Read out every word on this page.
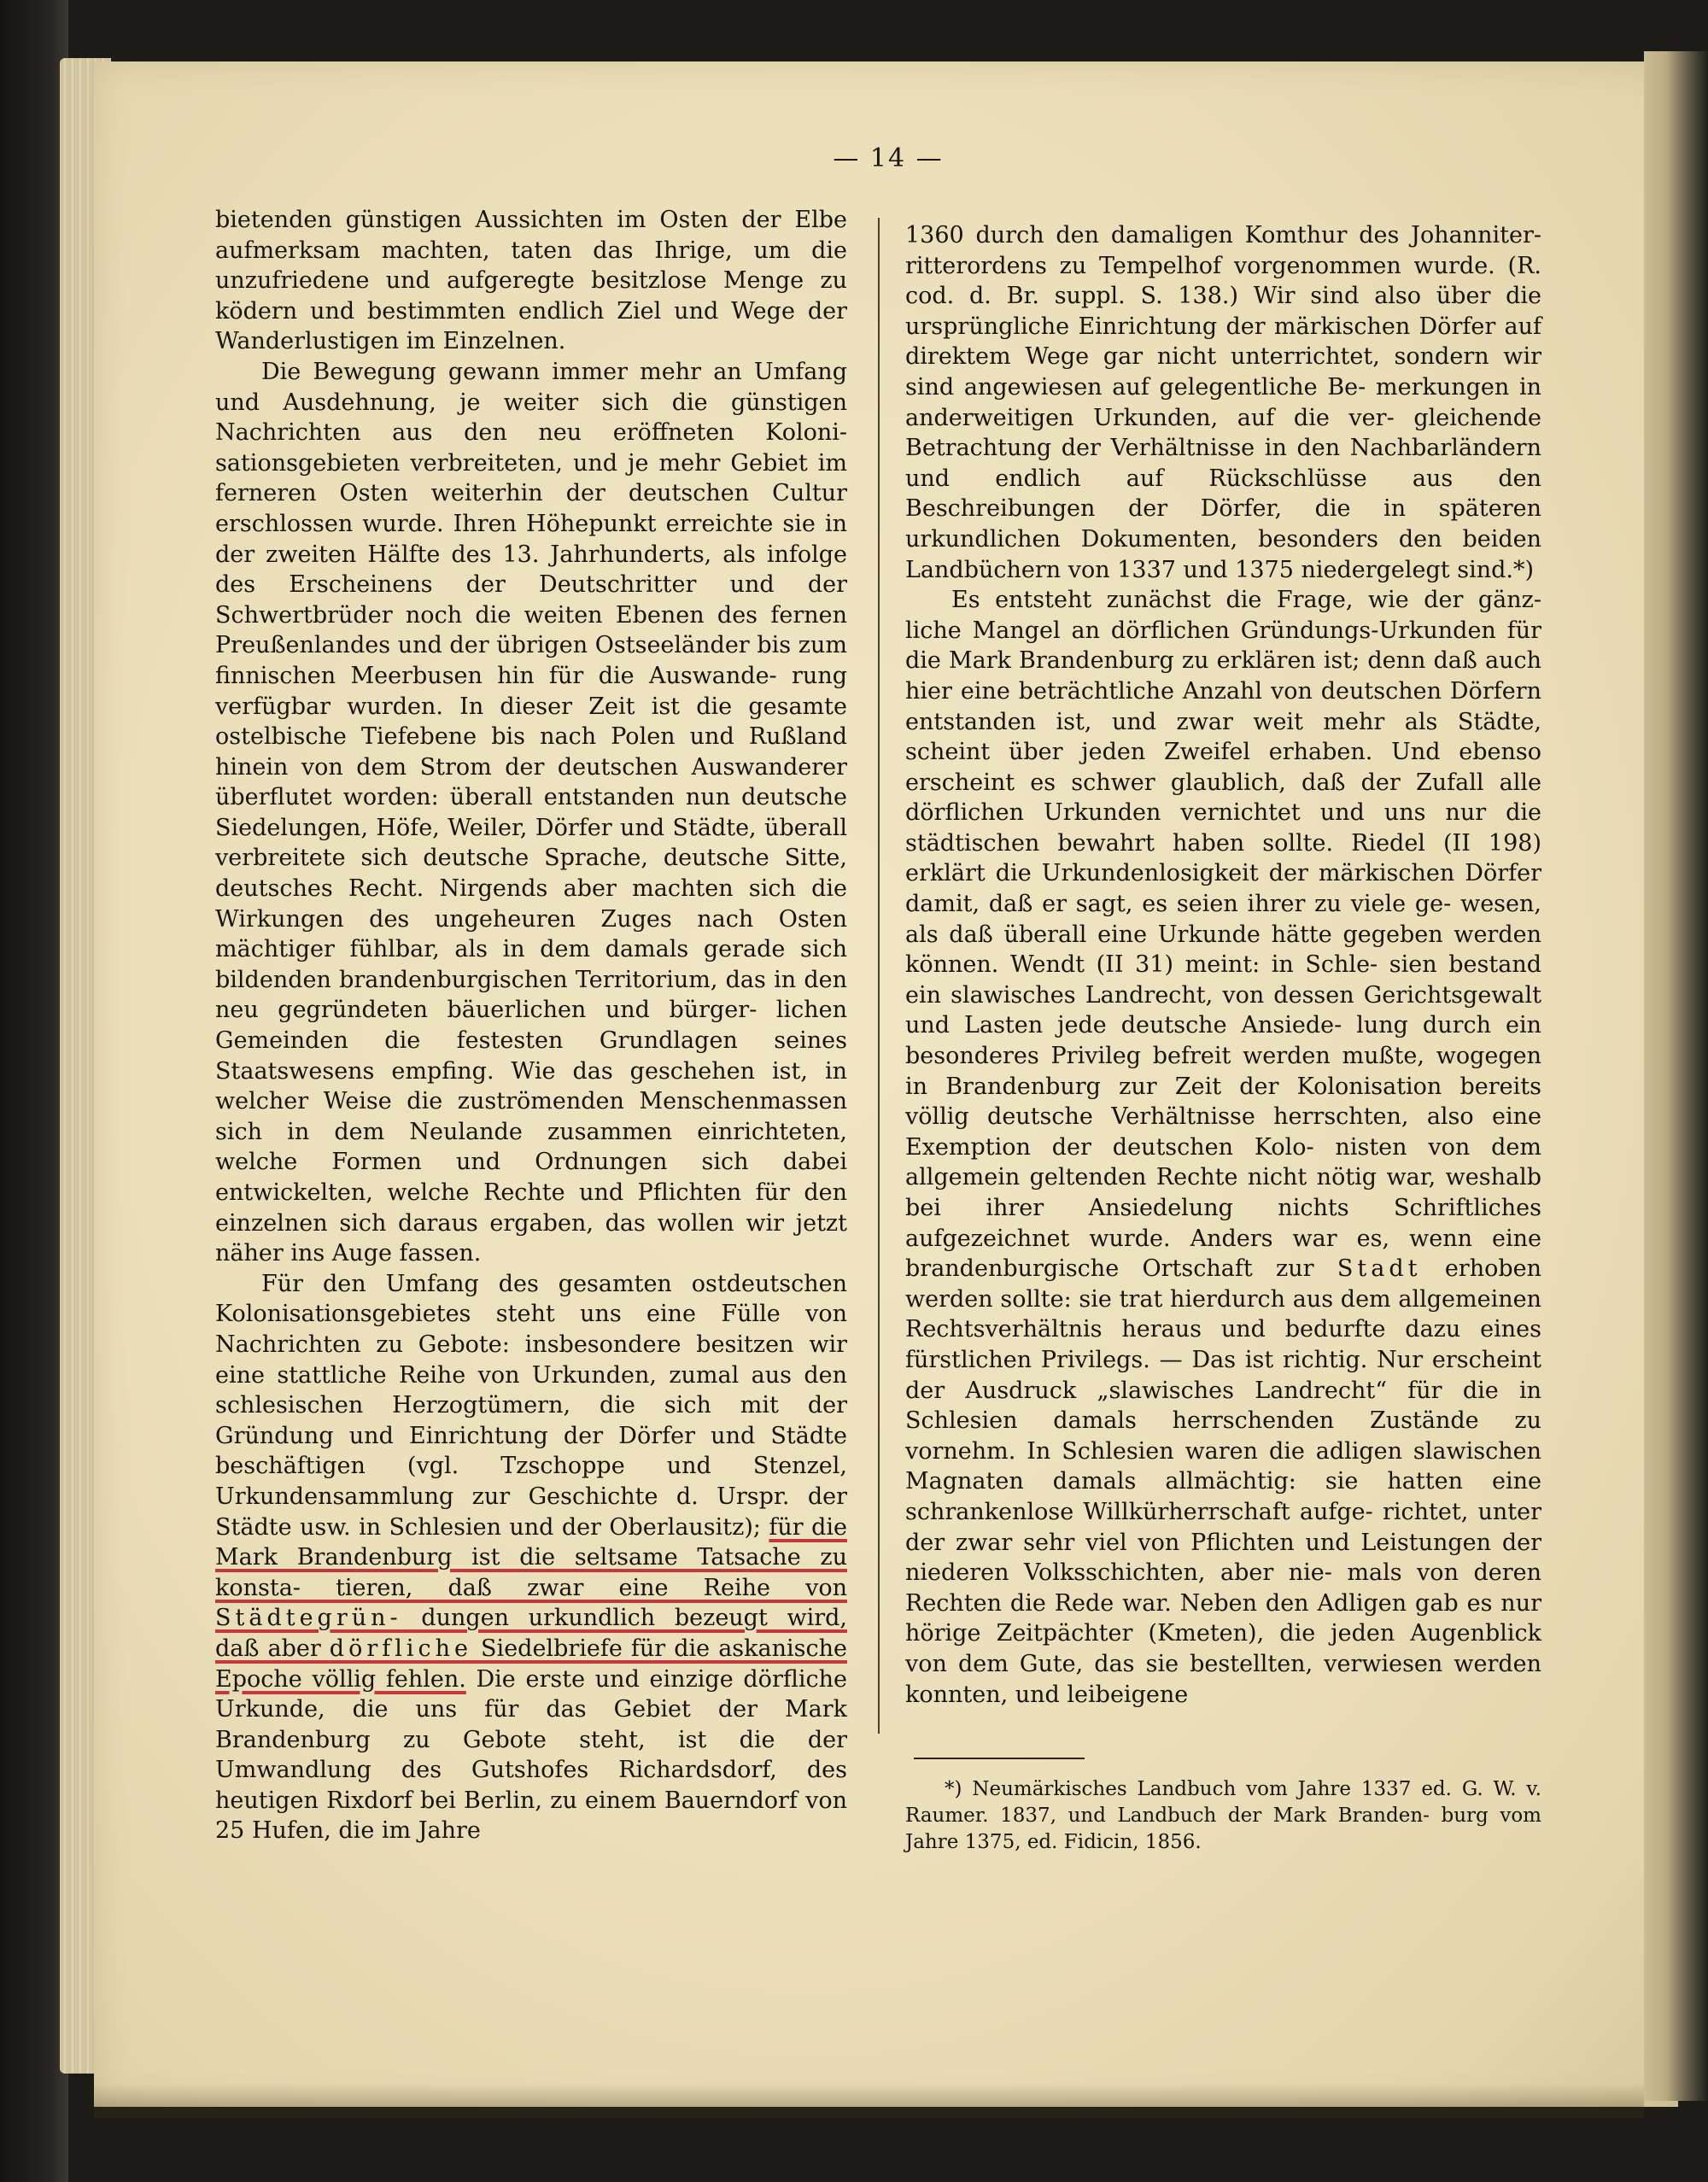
— 14 —

bietenden günstigen Aussichten im Osten der Elbe aufmerksam machten, taten das Ihrige, um die unzufriedene und aufgeregte besitzlose Menge zu ködern und bestimmten endlich Ziel und Wege der Wanderlustigen im Einzelnen.

Die Bewegung gewann immer mehr an Umfang und Ausdehnung, je weiter sich die günstigen Nachrichten aus den neu eröffneten Koloni- sationsgebieten verbreiteten, und je mehr Gebiet im ferneren Osten weiterhin der deutschen Cultur erschlossen wurde. Ihren Höhepunkt erreichte sie in der zweiten Hälfte des 13. Jahrhunderts, als infolge des Erscheinens der Deutschritter und der Schwertbrüder noch die weiten Ebenen des fernen Preußenlandes und der übrigen Ostseeländer bis zum finnischen Meerbusen hin für die Auswande- rung verfügbar wurden. In dieser Zeit ist die gesamte ostelbische Tiefebene bis nach Polen und Rußland hinein von dem Strom der deutschen Auswanderer überflutet worden: überall entstanden nun deutsche Siedelungen, Höfe, Weiler, Dörfer und Städte, überall verbreitete sich deutsche Sprache, deutsche Sitte, deutsches Recht. Nirgends aber machten sich die Wirkungen des ungeheuren Zuges nach Osten mächtiger fühlbar, als in dem damals gerade sich bildenden brandenburgischen Territorium, das in den neu gegründeten bäuerlichen und bürger- lichen Gemeinden die festesten Grundlagen seines Staatswesens empfing. Wie das geschehen ist, in welcher Weise die zuströmenden Menschenmassen sich in dem Neulande zusammen einrichteten, welche Formen und Ordnungen sich dabei entwickelten, welche Rechte und Pflichten für den einzelnen sich daraus ergaben, das wollen wir jetzt näher ins Auge fassen.

Für den Umfang des gesamten ostdeutschen Kolonisationsgebietes steht uns eine Fülle von Nachrichten zu Gebote: insbesondere besitzen wir eine stattliche Reihe von Urkunden, zumal aus den schlesischen Herzogtümern, die sich mit der Gründung und Einrichtung der Dörfer und Städte beschäftigen (vgl. Tzschoppe und Stenzel, Urkundensammlung zur Geschichte d. Urspr. der Städte usw. in Schlesien und der Oberlausitz); für die Mark Brandenburg ist die seltsame Tatsache zu konsta- tieren, daß zwar eine Reihe von Städtegrün- dungen urkundlich bezeugt wird, daß aber dörfliche Siedelbriefe für die askanische Epoche völlig fehlen. Die erste und einzige dörfliche Urkunde, die uns für das Gebiet der Mark Brandenburg zu Gebote steht, ist die der Umwandlung des Gutshofes Richardsdorf, des heutigen Rixdorf bei Berlin, zu einem Bauerndorf von 25 Hufen, die im Jahre

1360 durch den damaligen Komthur des Johanniter- ritterordens zu Tempelhof vorgenommen wurde. (R. cod. d. Br. suppl. S. 138.) Wir sind also über die ursprüngliche Einrichtung der märkischen Dörfer auf direktem Wege gar nicht unterrichtet, sondern wir sind angewiesen auf gelegentliche Be- merkungen in anderweitigen Urkunden, auf die ver- gleichende Betrachtung der Verhältnisse in den Nachbarländern und endlich auf Rückschlüsse aus den Beschreibungen der Dörfer, die in späteren urkundlichen Dokumenten, besonders den beiden Landbüchern von 1337 und 1375 niedergelegt sind.*)

Es entsteht zunächst die Frage, wie der gänz- liche Mangel an dörflichen Gründungs-Urkunden für die Mark Brandenburg zu erklären ist; denn daß auch hier eine beträchtliche Anzahl von deutschen Dörfern entstanden ist, und zwar weit mehr als Städte, scheint über jeden Zweifel erhaben. Und ebenso erscheint es schwer glaublich, daß der Zufall alle dörflichen Urkunden vernichtet und uns nur die städtischen bewahrt haben sollte. Riedel (II 198) erklärt die Urkundenlosigkeit der märkischen Dörfer damit, daß er sagt, es seien ihrer zu viele ge- wesen, als daß überall eine Urkunde hätte gegeben werden können. Wendt (II 31) meint: in Schle- sien bestand ein slawisches Landrecht, von dessen Gerichtsgewalt und Lasten jede deutsche Ansiede- lung durch ein besonderes Privileg befreit werden mußte, wogegen in Brandenburg zur Zeit der Kolonisation bereits völlig deutsche Verhältnisse herrschten, also eine Exemption der deutschen Kolo- nisten von dem allgemein geltenden Rechte nicht nötig war, weshalb bei ihrer Ansiedelung nichts Schriftliches aufgezeichnet wurde. Anders war es, wenn eine brandenburgische Ortschaft zur Stadt erhoben werden sollte: sie trat hierdurch aus dem allgemeinen Rechtsverhältnis heraus und bedurfte dazu eines fürstlichen Privilegs. — Das ist richtig. Nur erscheint der Ausdruck „slawisches Landrecht“ für die in Schlesien damals herrschenden Zustände zu vornehm. In Schlesien waren die adligen slawischen Magnaten damals allmächtig: sie hatten eine schrankenlose Willkürherrschaft aufge- richtet, unter der zwar sehr viel von Pflichten und Leistungen der niederen Volksschichten, aber nie- mals von deren Rechten die Rede war. Neben den Adligen gab es nur hörige Zeitpächter (Kmeten), die jeden Augenblick von dem Gute, das sie bestellten, verwiesen werden konnten, und leibeigene

*) Neumärkisches Landbuch vom Jahre 1337 ed. G. W. v. Raumer. 1837, und Landbuch der Mark Branden- burg vom Jahre 1375, ed. Fidicin, 1856.
